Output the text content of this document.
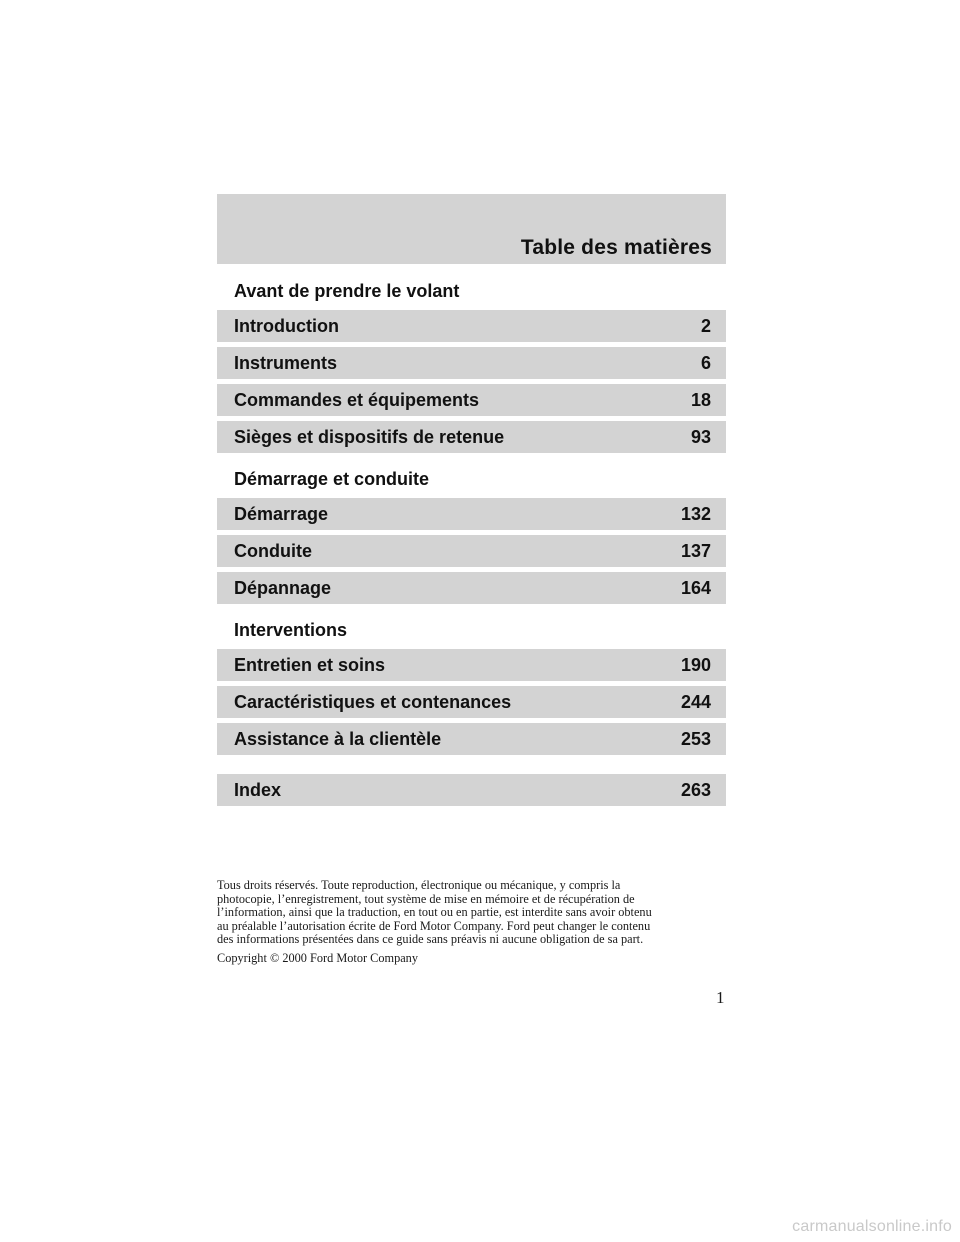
Table des matières
Avant de prendre le volant
Introduction	2
Instruments	6
Commandes et équipements	18
Sièges et dispositifs de retenue	93
Démarrage et conduite
Démarrage	132
Conduite	137
Dépannage	164
Interventions
Entretien et soins	190
Caractéristiques et contenances	244
Assistance à la clientèle	253
Index	263
Tous droits réservés. Toute reproduction, électronique ou mécanique, y compris la
photocopie, l’enregistrement, tout système de mise en mémoire et de récupération de
l’information, ainsi que la traduction, en tout ou en partie, est interdite sans avoir obtenu
au préalable l’autorisation écrite de Ford Motor Company. Ford peut changer le contenu
des informations présentées dans ce guide sans préavis ni aucune obligation de sa part.
Copyright © 2000 Ford Motor Company
1
carmanualsonline.info
